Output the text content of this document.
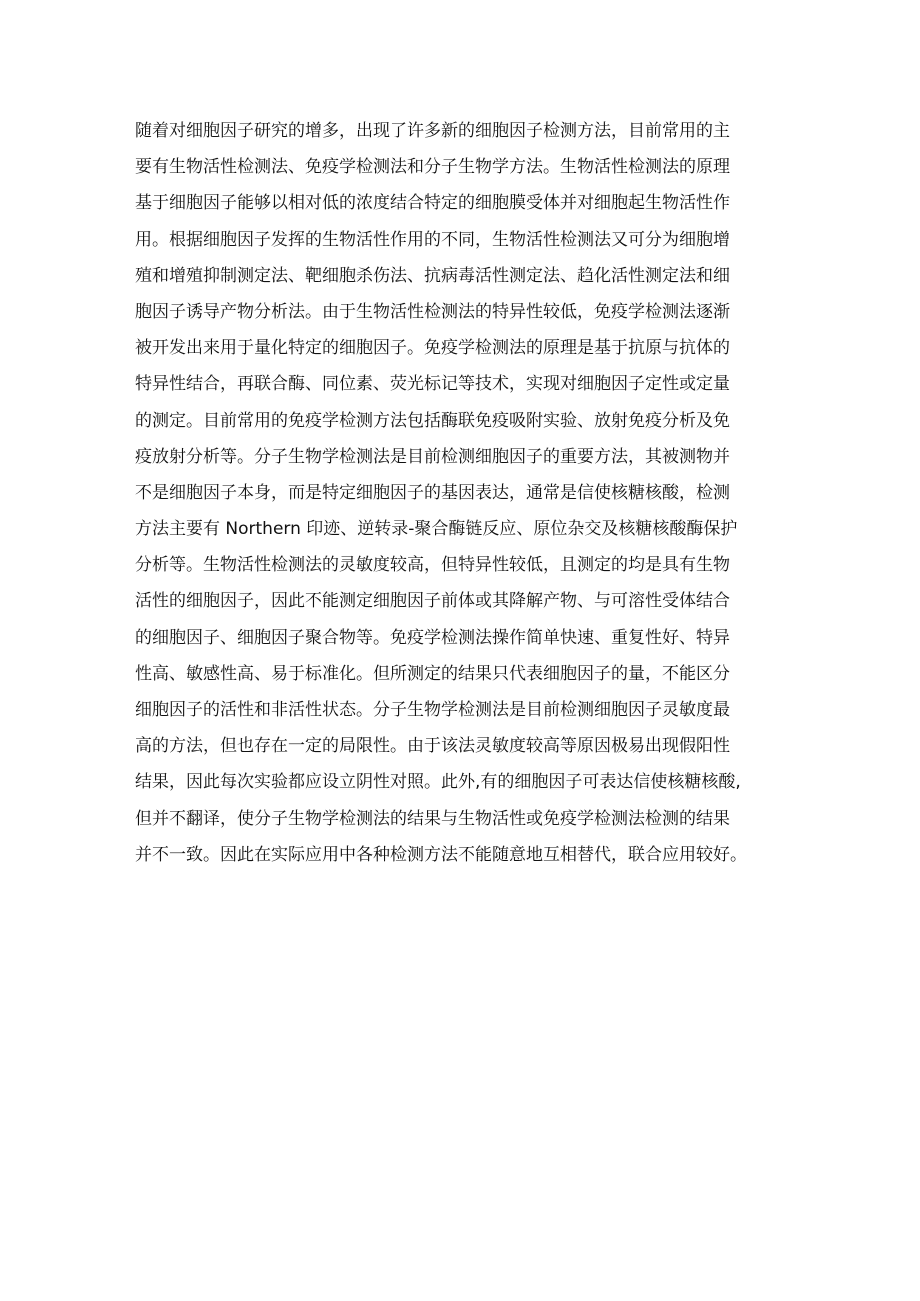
随着对细胞因子研究的增多，出现了许多新的细胞因子检测方法，目前常用的主
要有生物活性检测法、免疫学检测法和分子生物学方法。生物活性检测法的原理
基于细胞因子能够以相对低的浓度结合特定的细胞膜受体并对细胞起生物活性作
用。根据细胞因子发挥的生物活性作用的不同，生物活性检测法又可分为细胞增
殖和增殖抑制测定法、靶细胞杀伤法、抗病毒活性测定法、趋化活性测定法和细
胞因子诱导产物分析法。由于生物活性检测法的特异性较低，免疫学检测法逐渐
被开发出来用于量化特定的细胞因子。免疫学检测法的原理是基于抗原与抗体的
特异性结合，再联合酶、同位素、荧光标记等技术，实现对细胞因子定性或定量
的测定。目前常用的免疫学检测方法包括酶联免疫吸附实验、放射免疫分析及免
疫放射分析等。分子生物学检测法是目前检测细胞因子的重要方法，其被测物并
不是细胞因子本身，而是特定细胞因子的基因表达，通常是信使核糖核酸，检测
方法主要有 Northern 印迹、逆转录-聚合酶链反应、原位杂交及核糖核酸酶保护
分析等。生物活性检测法的灵敏度较高，但特异性较低，且测定的均是具有生物
活性的细胞因子，因此不能测定细胞因子前体或其降解产物、与可溶性受体结合
的细胞因子、细胞因子聚合物等。免疫学检测法操作简单快速、重复性好、特异
性高、敏感性高、易于标准化。但所测定的结果只代表细胞因子的量，不能区分
细胞因子的活性和非活性状态。分子生物学检测法是目前检测细胞因子灵敏度最
高的方法，但也存在一定的局限性。由于该法灵敏度较高等原因极易出现假阳性
结果，因此每次实验都应设立阴性对照。此外,有的细胞因子可表达信使核糖核酸,
但并不翻译，使分子生物学检测法的结果与生物活性或免疫学检测法检测的结果
并不一致。因此在实际应用中各种检测方法不能随意地互相替代，联合应用较好。
